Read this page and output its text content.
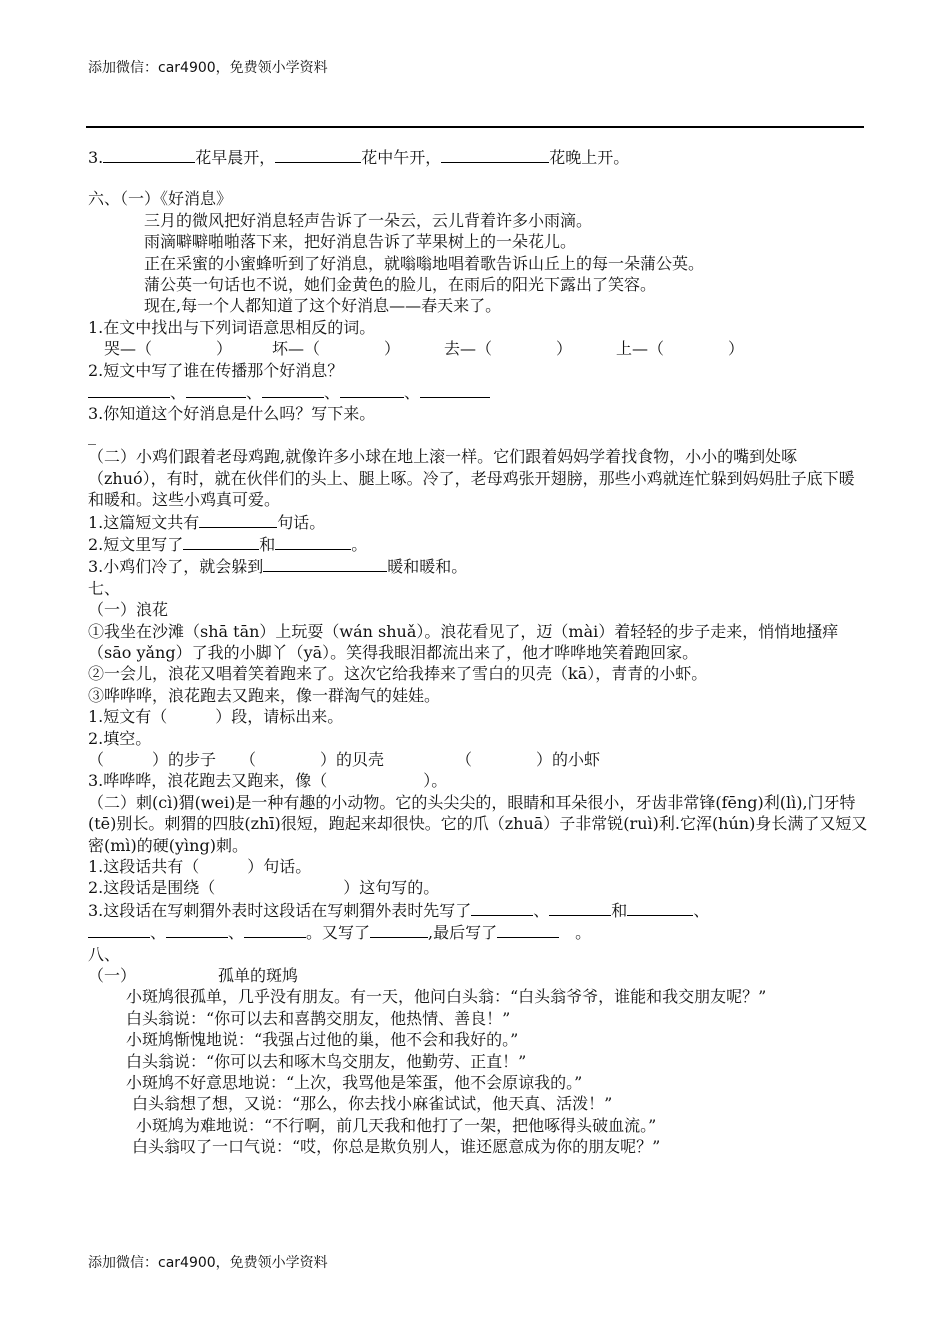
添加微信：car4900，免费领小学资料
3.	花早晨开，	花中午开，	花晚上开。
六、（一）《好消息》
三月的微风把好消息轻声告诉了一朵云，云儿背着许多小雨滴。
雨滴噼噼啪啪落下来，把好消息告诉了苹果树上的一朵花儿。
正在采蜜的小蜜蜂听到了好消息，就嗡嗡地唱着歌告诉山丘上的每一朵蒲公英。
蒲公英一句话也不说，她们金黄色的脸儿，在雨后的阳光下露出了笑容。
现在,每一个人都知道了这个好消息——春天来了。
1.在文中找出与下列词语意思相反的词。
哭—（　　　　）	坏—（　　　　）	去—（　　　　）	上—（　　　　）
2.短文中写了谁在传播那个好消息？
、	、	、	、
3.你知道这个好消息是什么吗？写下来。
_
（二）小鸡们跟着老母鸡跑,就像许多小球在地上滚一样。它们跟着妈妈学着找食物，小小的嘴到处啄（zhuó），有时，就在伙伴们的头上、腿上啄。冷了，老母鸡张开翅膀，那些小鸡就连忙躲到妈妈肚子底下暖和暖和。这些小鸡真可爱。
1.这篇短文共有	句话。
2.短文里写了	和	。
3.小鸡们冷了，就会躲到	暖和暖和。
七、
（一）浪花
①我坐在沙滩（shā tān）上玩耍（wán shuǎ）。浪花看见了，迈（mài）着轻轻的步子走来，悄悄地搔痒（sāo yǎng）了我的小脚丫（yā）。笑得我眼泪都流出来了，他才哗哗地笑着跑回家。
②一会儿，浪花又唱着笑着跑来了。这次它给我捧来了雪白的贝壳（kā），青青的小虾。
③哗哗哗，浪花跑去又跑来，像一群淘气的娃娃。
1.短文有（　　　）段，请标出来。
2.填空。
（　　　）的步子　　（　　　　）的贝壳　　　　　（　　　　）的小虾
3.哗哗哗，浪花跑去又跑来，像（　　　　　　）。
（二）刺(cì)猬(wei)是一种有趣的小动物。它的头尖尖的，眼睛和耳朵很小，牙齿非常锋(fēng)利(lì),门牙特(tē)别长。刺猬的四肢(zhī)很短，跑起来却很快。它的爪（zhuā）子非常锐(ruì)利.它浑(hún)身长满了又短又密(mì)的硬(yìng)刺。
1.这段话共有（　　　）句话。
2.这段话是围绕（　　　　　　　　）这句写的。
3.这段话在写刺猬外表时这段话在写刺猬外表时先写了	、	和	、
、	、	。又写了	,最后写了	　。
八、
（一）	孤单的斑鸠
小斑鸠很孤单，几乎没有朋友。有一天，他问白头翁：“白头翁爷爷，谁能和我交朋友呢？”
白头翁说：“你可以去和喜鹊交朋友，他热情、善良！”
小斑鸠惭愧地说：“我强占过他的巢，他不会和我好的。”
白头翁说：“你可以去和啄木鸟交朋友，他勤劳、正直！”
小斑鸠不好意思地说：“上次，我骂他是笨蛋，他不会原谅我的。”
白头翁想了想，又说：“那么，你去找小麻雀试试，他天真、活泼！”
小斑鸠为难地说：“不行啊，前几天我和他打了一架，把他啄得头破血流。”
白头翁叹了一口气说：“哎，你总是欺负别人，谁还愿意成为你的朋友呢？”
添加微信：car4900，免费领小学资料
